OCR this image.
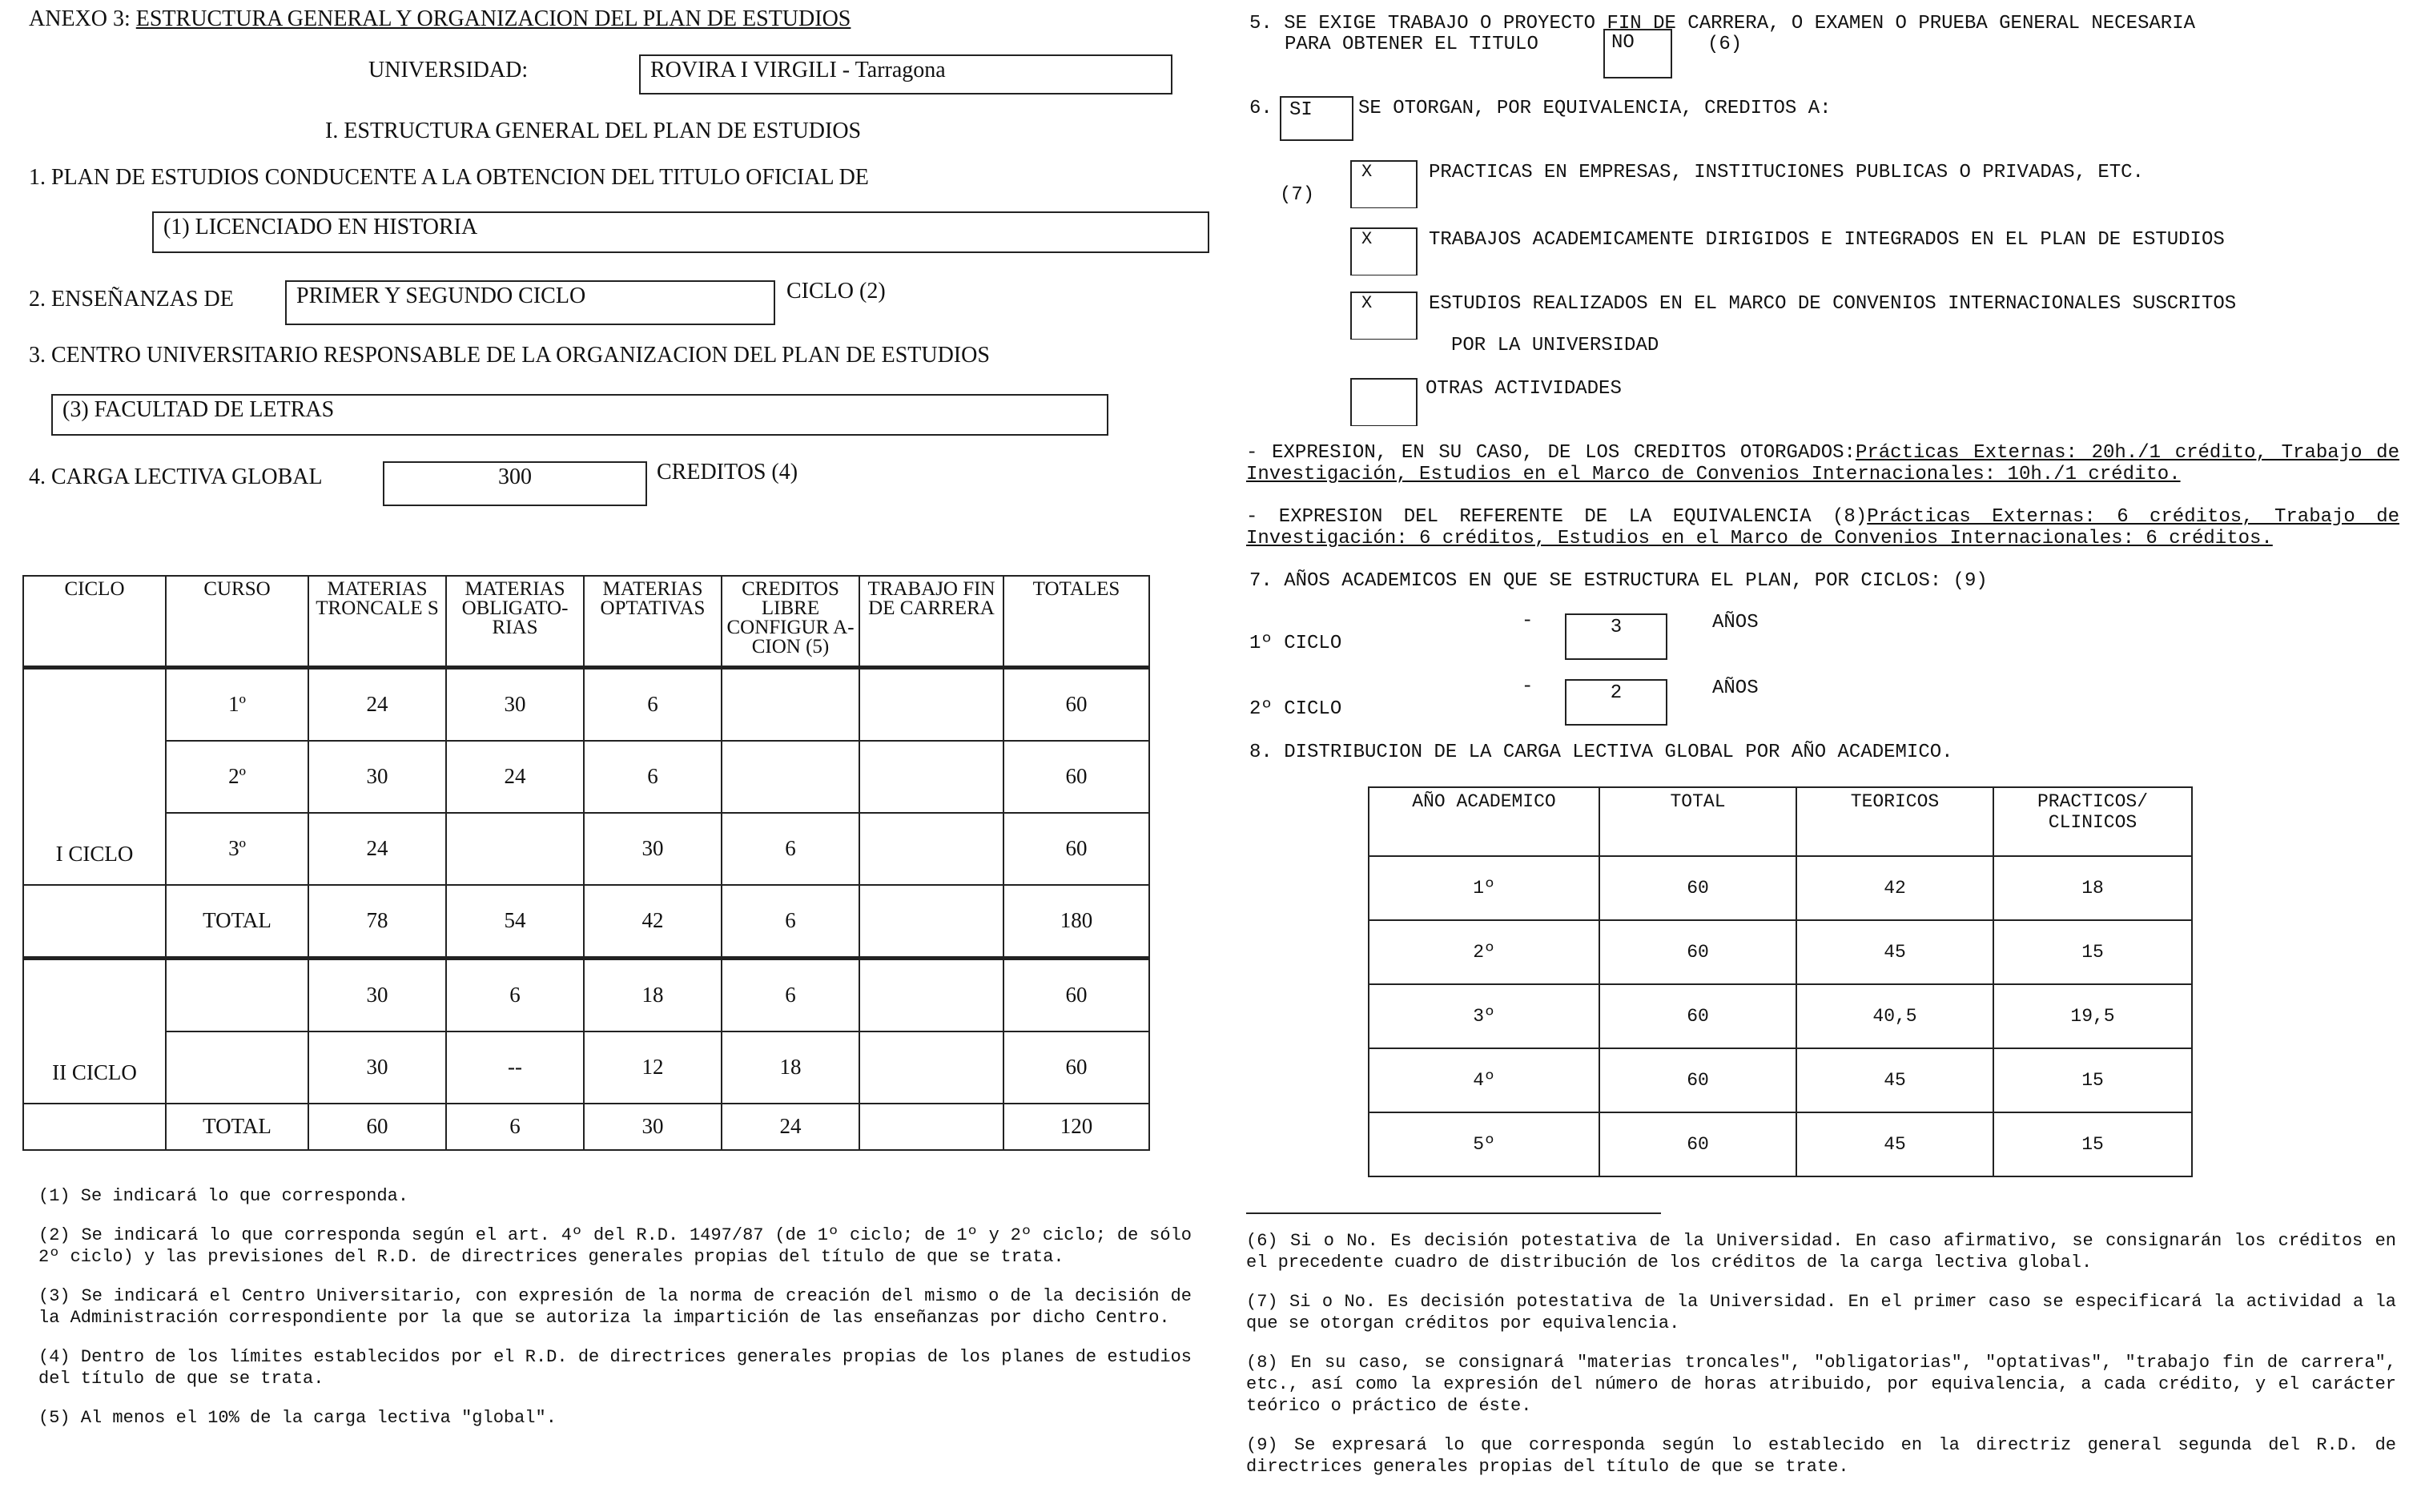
ANEXO 3: ESTRUCTURA GENERAL Y ORGANIZACION DEL PLAN DE ESTUDIOS
UNIVERSIDAD:	ROVIRA I VIRGILI - Tarragona
I. ESTRUCTURA GENERAL DEL PLAN DE ESTUDIOS
1. PLAN DE ESTUDIOS CONDUCENTE A LA OBTENCION DEL TITULO OFICIAL DE
(1) LICENCIADO EN HISTORIA
2. ENSEÑANZAS DE	PRIMER Y SEGUNDO CICLO	CICLO (2)
3. CENTRO UNIVERSITARIO RESPONSABLE DE LA ORGANIZACION DEL PLAN DE ESTUDIOS
(3) FACULTAD DE LETRAS
4. CARGA LECTIVA GLOBAL	300	CREDITOS (4)
CICLO	CURSO	MATERIAS TRONCALE S	MATERIAS OBLIGATO- RIAS	MATERIAS OPTATIVAS	CREDITOS LIBRE CONFIGUR A-CION (5)	TRABAJO FIN DE CARRERA	TOTALES
I CICLO	1º	24	30	6			60
	2º	30	24	6			60
	3º	24		30	6		60
	TOTAL	78	54	42	6		180
II CICLO		30	6	18	6		60
		30	--	12	18		60
	TOTAL	60	6	30	24		120

(1) Se indicará lo que corresponda.

(2) Se indicará lo que corresponda según el art. 4º del R.D. 1497/87 (de 1º ciclo; de 1º y 2º ciclo; de sólo 2º ciclo) y las previsiones del R.D. de directrices generales propias del título de que se trata.

(3) Se indicará el Centro Universitario, con expresión de la norma de creación del mismo o de la decisión de la Administración correspondiente por la que se autoriza la impartición de las enseñanzas por dicho Centro.

(4) Dentro de los límites establecidos por el R.D. de directrices generales propias de los planes de estudios del título de que se trata.

(5) Al menos el 10% de la carga lectiva "global".

5. SE EXIGE TRABAJO O PROYECTO FIN DE CARRERA, O EXAMEN O PRUEBA GENERAL NECESARIA
PARA OBTENER EL TITULO	NO	(6)
6. SI	SE OTORGAN, POR EQUIVALENCIA, CREDITOS A:
(7)
X	PRACTICAS EN EMPRESAS, INSTITUCIONES PUBLICAS O PRIVADAS, ETC.
X	TRABAJOS ACADEMICAMENTE DIRIGIDOS E INTEGRADOS EN EL PLAN DE ESTUDIOS
X	ESTUDIOS REALIZADOS EN EL MARCO DE CONVENIOS INTERNACIONALES SUSCRITOS
POR LA UNIVERSIDAD
OTRAS ACTIVIDADES
- EXPRESION, EN SU CASO, DE LOS CREDITOS OTORGADOS:Prácticas Externas: 20h./1 crédito, Trabajo de Investigación, Estudios en el Marco de Convenios Internacionales: 10h./1 crédito.
- EXPRESION DEL REFERENTE DE LA EQUIVALENCIA (8)Prácticas Externas: 6 créditos, Trabajo de Investigación: 6 créditos, Estudios en el Marco de Convenios Internacionales: 6 créditos.
7. AÑOS ACADEMICOS EN QUE SE ESTRUCTURA EL PLAN, POR CICLOS: (9)
1º CICLO
-	3	AÑOS
2º CICLO
-	2	AÑOS
8. DISTRIBUCION DE LA CARGA LECTIVA GLOBAL POR AÑO ACADEMICO.
AÑO ACADEMICO	TOTAL	TEORICOS	PRACTICOS/ CLINICOS
1º	60	42	18
2º	60	45	15
3º	60	40,5	19,5
4º	60	45	15
5º	60	45	15

(6) Si o No. Es decisión potestativa de la Universidad. En caso afirmativo, se consignarán los créditos en el precedente cuadro de distribución de los créditos de la carga lectiva global.

(7) Si o No. Es decisión potestativa de la Universidad. En el primer caso se especificará la actividad a la que se otorgan créditos por equivalencia.

(8) En su caso, se consignará "materias troncales", "obligatorias", "optativas", "trabajo fin de carrera", etc., así como la expresión del número de horas atribuido, por equivalencia, a cada crédito, y el carácter teórico o práctico de éste.

(9) Se expresará lo que corresponda según lo establecido en la directriz general segunda del R.D. de directrices generales propias del título de que se trate.
